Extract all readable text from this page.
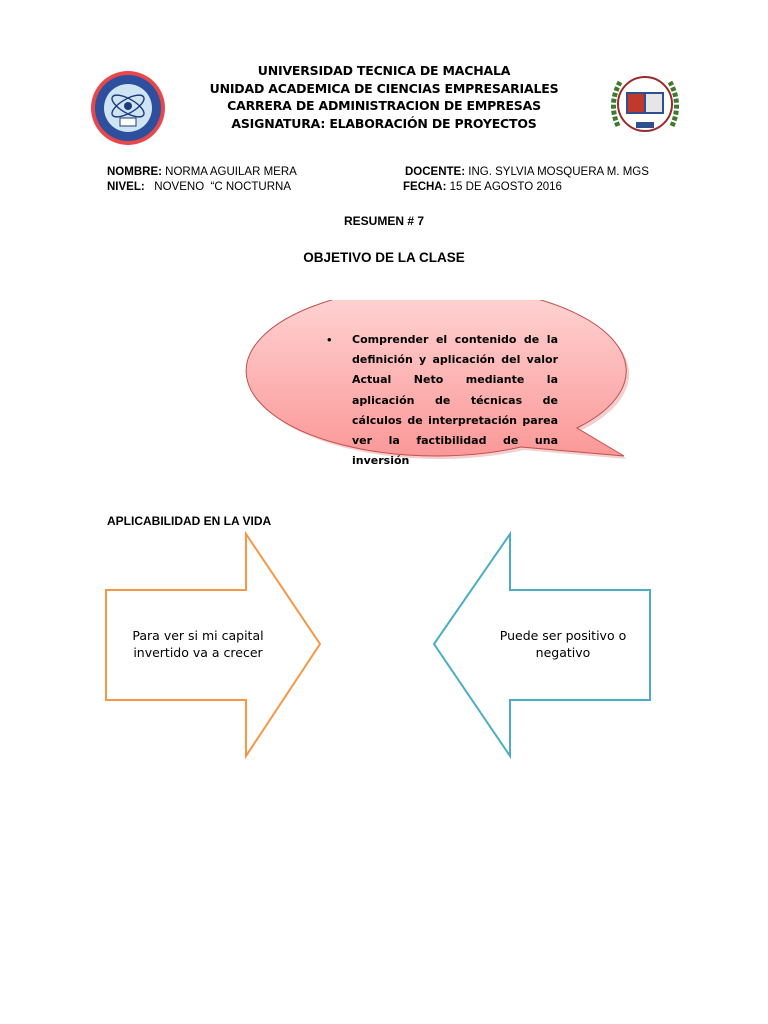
UNIVERSIDAD TECNICA DE MACHALA
UNIDAD ACADEMICA DE CIENCIAS EMPRESARIALES
CARRERA DE ADMINISTRACION DE EMPRESAS
ASIGNATURA: ELABORACIÓN DE PROYECTOS
NOMBRE: NORMA AGUILAR MERA
NIVEL: NOVENO  “C NOCTURNA
DOCENTE: ING. SYLVIA MOSQUERA M. MGS
FECHA: 15 DE AGOSTO 2016
RESUMEN # 7
OBJETIVO DE LA CLASE
• Comprender el contenido de la definición y aplicación del valor Actual Neto mediante la aplicación de técnicas de cálculos de interpretación parea ver la factibilidad de una inversión
APLICABILIDAD EN LA VIDA
Para ver si mi capital invertido va a crecer
Puede ser positivo o negativo
